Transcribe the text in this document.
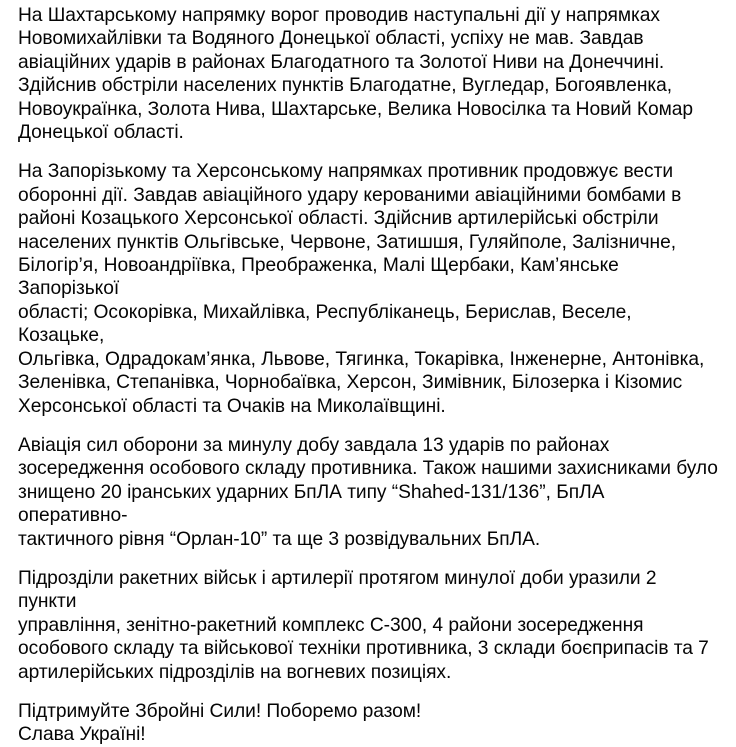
На Шахтарському напрямку ворог проводив наступальні дії у напрямках
Новомихайлівки та Водяного Донецької області, успіху не мав. Завдав
авіаційних ударів в районах Благодатного та Золотої Ниви на Донеччині.
Здійснив обстріли населених пунктів Благодатне, Вугледар, Богоявленка,
Новоукраїнка, Золота Нива, Шахтарське, Велика Новосілка та Новий Комар
Донецької області.

На Запорізькому та Херсонському напрямках противник продовжує вести
оборонні дії. Завдав авіаційного удару керованими авіаційними бомбами в
районі Козацького Херсонської області. Здійснив артилерійські обстріли
населених пунктів Ольгівське, Червоне, Затишшя, Гуляйполе, Залізничне,
Білогір’я, Новоандріївка, Преображенка, Малі Щербаки, Кам’янське Запорізької
області; Осокорівка, Михайлівка, Республіканець, Берислав, Веселе, Козацьке,
Ольгівка, Одрадокам’янка, Львове, Тягинка, Токарівка, Інженерне, Антонівка,
Зеленівка, Степанівка, Чорнобаївка, Херсон, Зимівник, Білозерка і Кізомис
Херсонської області та Очаків на Миколаївщині.

Авіація сил оборони за минулу добу завдала 13 ударів по районах
зосередження особового складу противника. Також нашими захисниками було
знищено 20 іранських ударних БпЛА типу “Shahed-131/136”, БпЛА оперативно-
тактичного рівня “Орлан-10” та ще 3 розвідувальних БпЛА.

Підрозділи ракетних військ і артилерії протягом минулої доби уразили 2 пункти
управління, зенітно-ракетний комплекс С-300, 4 райони зосередження
особового складу та військової техніки противника, 3 склади боєприпасів та 7
артилерійських підрозділів на вогневих позиціях.

Підтримуйте Збройні Сили! Поборемо разом!
Слава Україні!
